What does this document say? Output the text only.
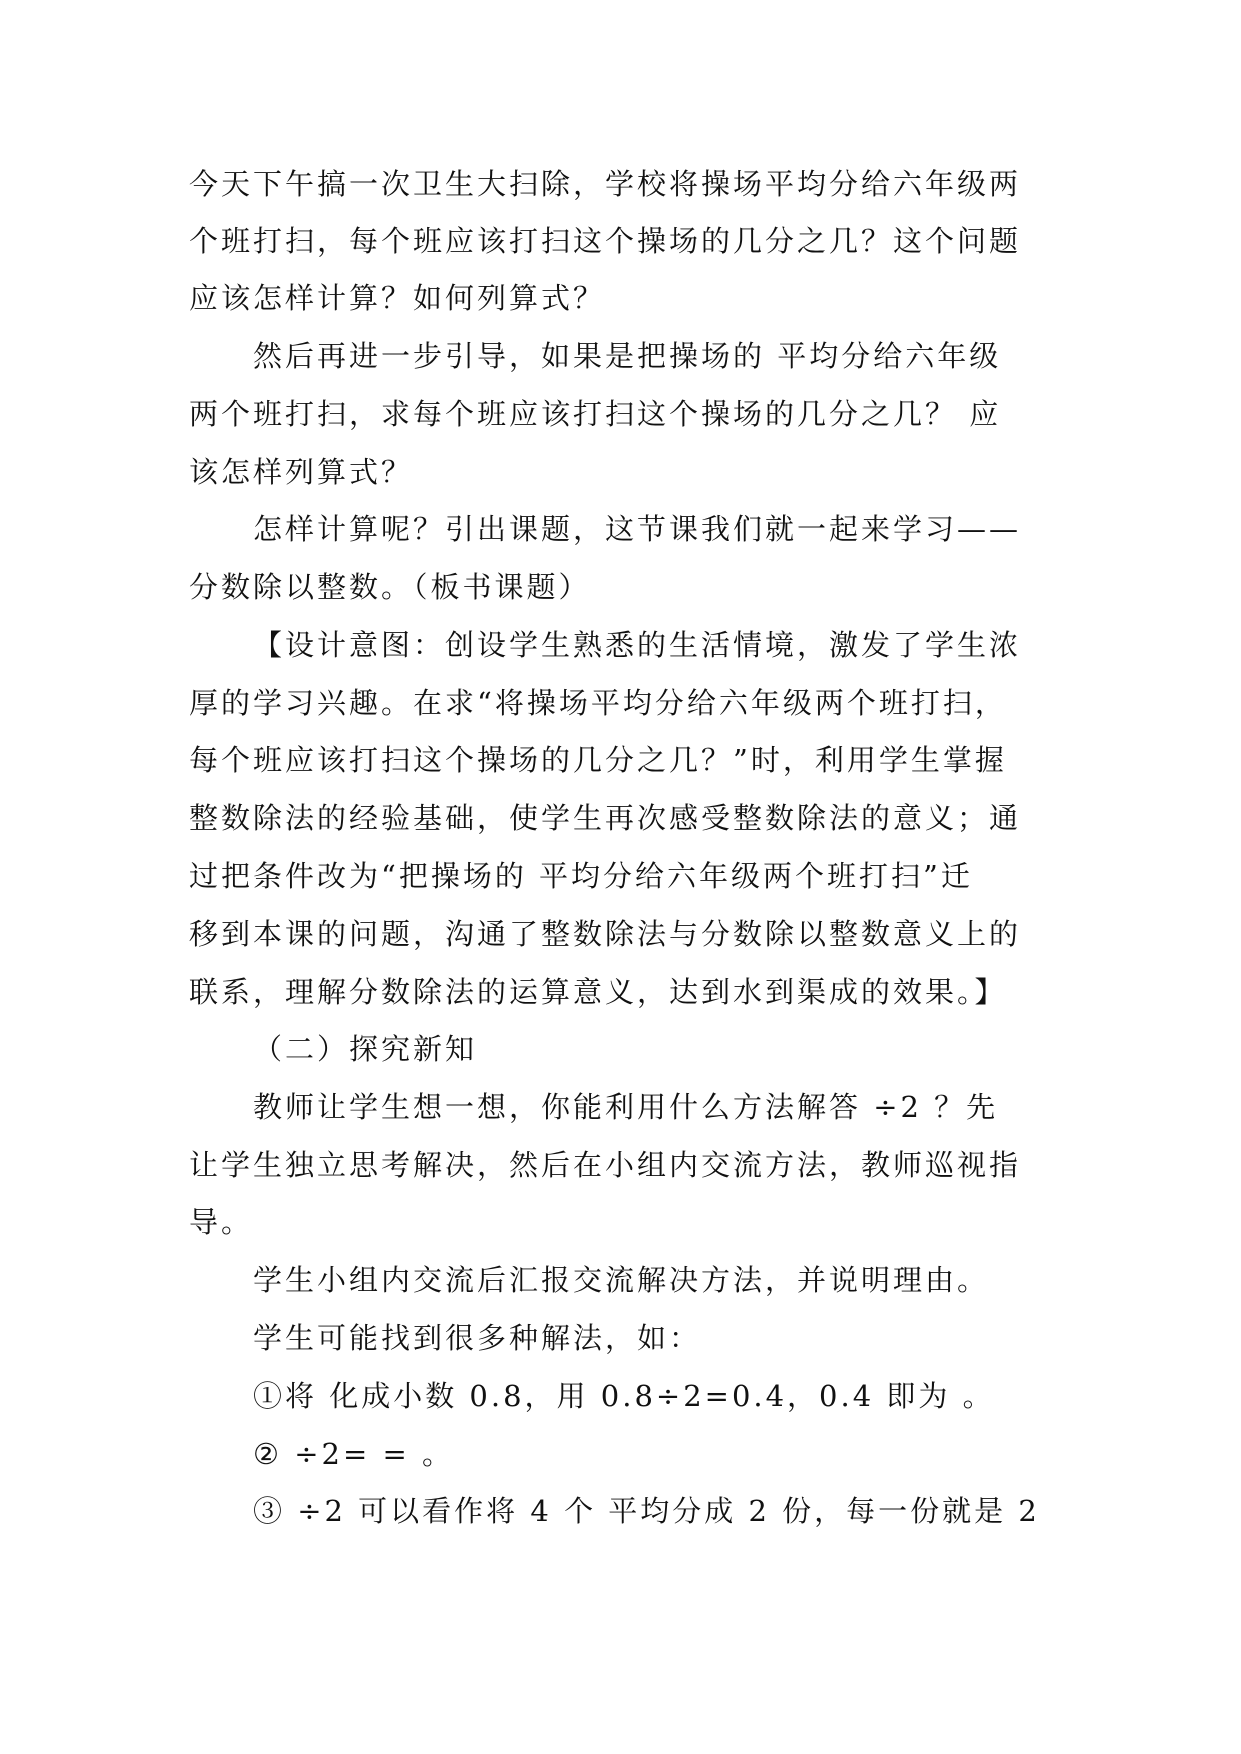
今天下午搞一次卫生大扫除，学校将操场平均分给六年级两
个班打扫，每个班应该打扫这个操场的几分之几？这个问题
应该怎样计算？如何列算式？
然后再进一步引导，如果是把操场的 平均分给六年级
两个班打扫，求每个班应该打扫这个操场的几分之几？ 应
该怎样列算式？
怎样计算呢？引出课题，这节课我们就一起来学习——
分数除以整数。（板书课题）
【设计意图：创设学生熟悉的生活情境，激发了学生浓
厚的学习兴趣。在求“将操场平均分给六年级两个班打扫，
每个班应该打扫这个操场的几分之几？”时，利用学生掌握
整数除法的经验基础，使学生再次感受整数除法的意义；通
过把条件改为“把操场的 平均分给六年级两个班打扫”迁
移到本课的问题，沟通了整数除法与分数除以整数意义上的
联系，理解分数除法的运算意义，达到水到渠成的效果。】
（二）探究新知
教师让学生想一想，你能利用什么方法解答 ÷2 ？先
让学生独立思考解决，然后在小组内交流方法，教师巡视指
导。
学生小组内交流后汇报交流解决方法，并说明理由。
学生可能找到很多种解法，如：
①将 化成小数 0.8，用 0.8÷2=0.4，0.4 即为 。
② ÷2= = 。
③ ÷2 可以看作将 4 个 平均分成 2 份，每一份就是 2
